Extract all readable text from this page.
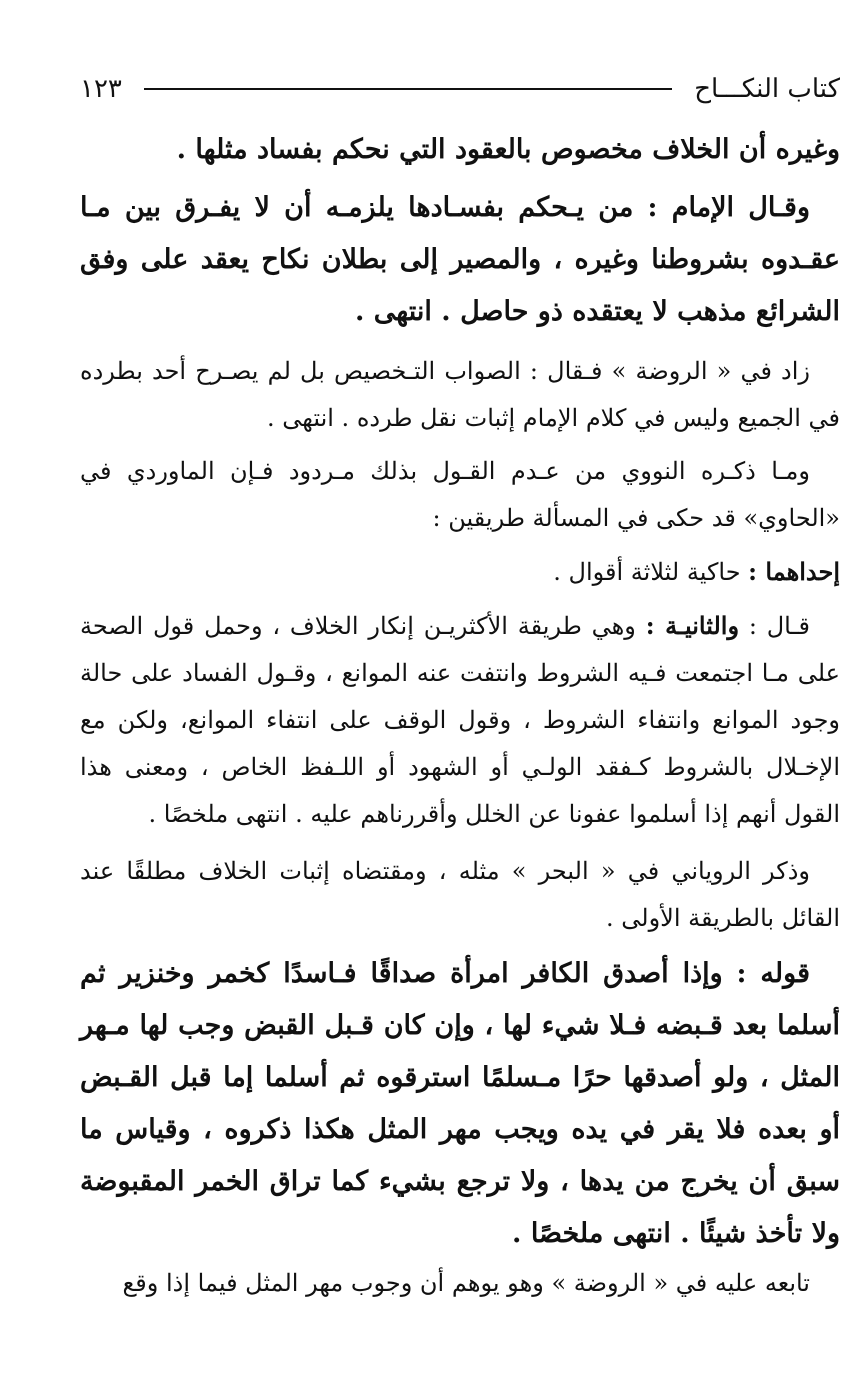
كتاب النكـــاح
١٢٣

وغيره أن الخلاف مخصوص بالعقود التي نحكم بفساد مثلها .

وقـال الإمام : من يـحكم بفسـادها يلزمـه أن لا يفـرق بين مـا عقـدوه بشروطنا وغيره ، والمصير إلى بطلان نكاح يعقد على وفق الشرائع مذهب لا يعتقده ذو حاصل . انتهى .

زاد في « الروضة » فـقال : الصواب التـخصيص بل لم يصـرح أحد بطرده في الجميع وليس في كلام الإمام إثبات نقل طرده . انتهى .

ومـا ذكـره النووي من عـدم القـول بذلك مـردود فـإن الماوردي في «الحاوي» قد حكى في المسألة طريقين :

إحداهما : حاكية لثلاثة أقوال .

قـال : والثانيـة : وهي طريقة الأكثريـن إنكار الخلاف ، وحمل قول الصحة على مـا اجتمعت فـيه الشروط وانتفت عنه الموانع ، وقـول الفساد على حالة وجود الموانع وانتفاء الشروط ، وقول الوقف على انتفاء الموانع، ولكن مع الإخـلال بالشروط كـفقد الولـي أو الشهود أو اللـفظ الخاص ، ومعنى هذا القول أنهم إذا أسلموا عفونا عن الخلل وأقررناهم عليه . انتهى ملخصًا .

وذكر الروياني في « البحر » مثله ، ومقتضاه إثبات الخلاف مطلقًا عند القائل بالطريقة الأولى .

قوله : وإذا أصدق الكافر امرأة صداقًا فـاسدًا كخمر وخنزير ثم أسلما بعد قـبضه فـلا شيء لها ، وإن كان قـبل القبض وجب لها مـهر المثل ، ولو أصدقها حرًا مـسلمًا استرقوه ثم أسلما إما قبل القـبض أو بعده فلا يقر في يده ويجب مهر المثل هكذا ذكروه ، وقياس ما سبق أن يخرج من يدها ، ولا ترجع بشيء كما تراق الخمر المقبوضة ولا تأخذ شيئًا . انتهى ملخصًا .

تابعه عليه في « الروضة » وهو يوهم أن وجوب مهر المثل فيما إذا وقع
